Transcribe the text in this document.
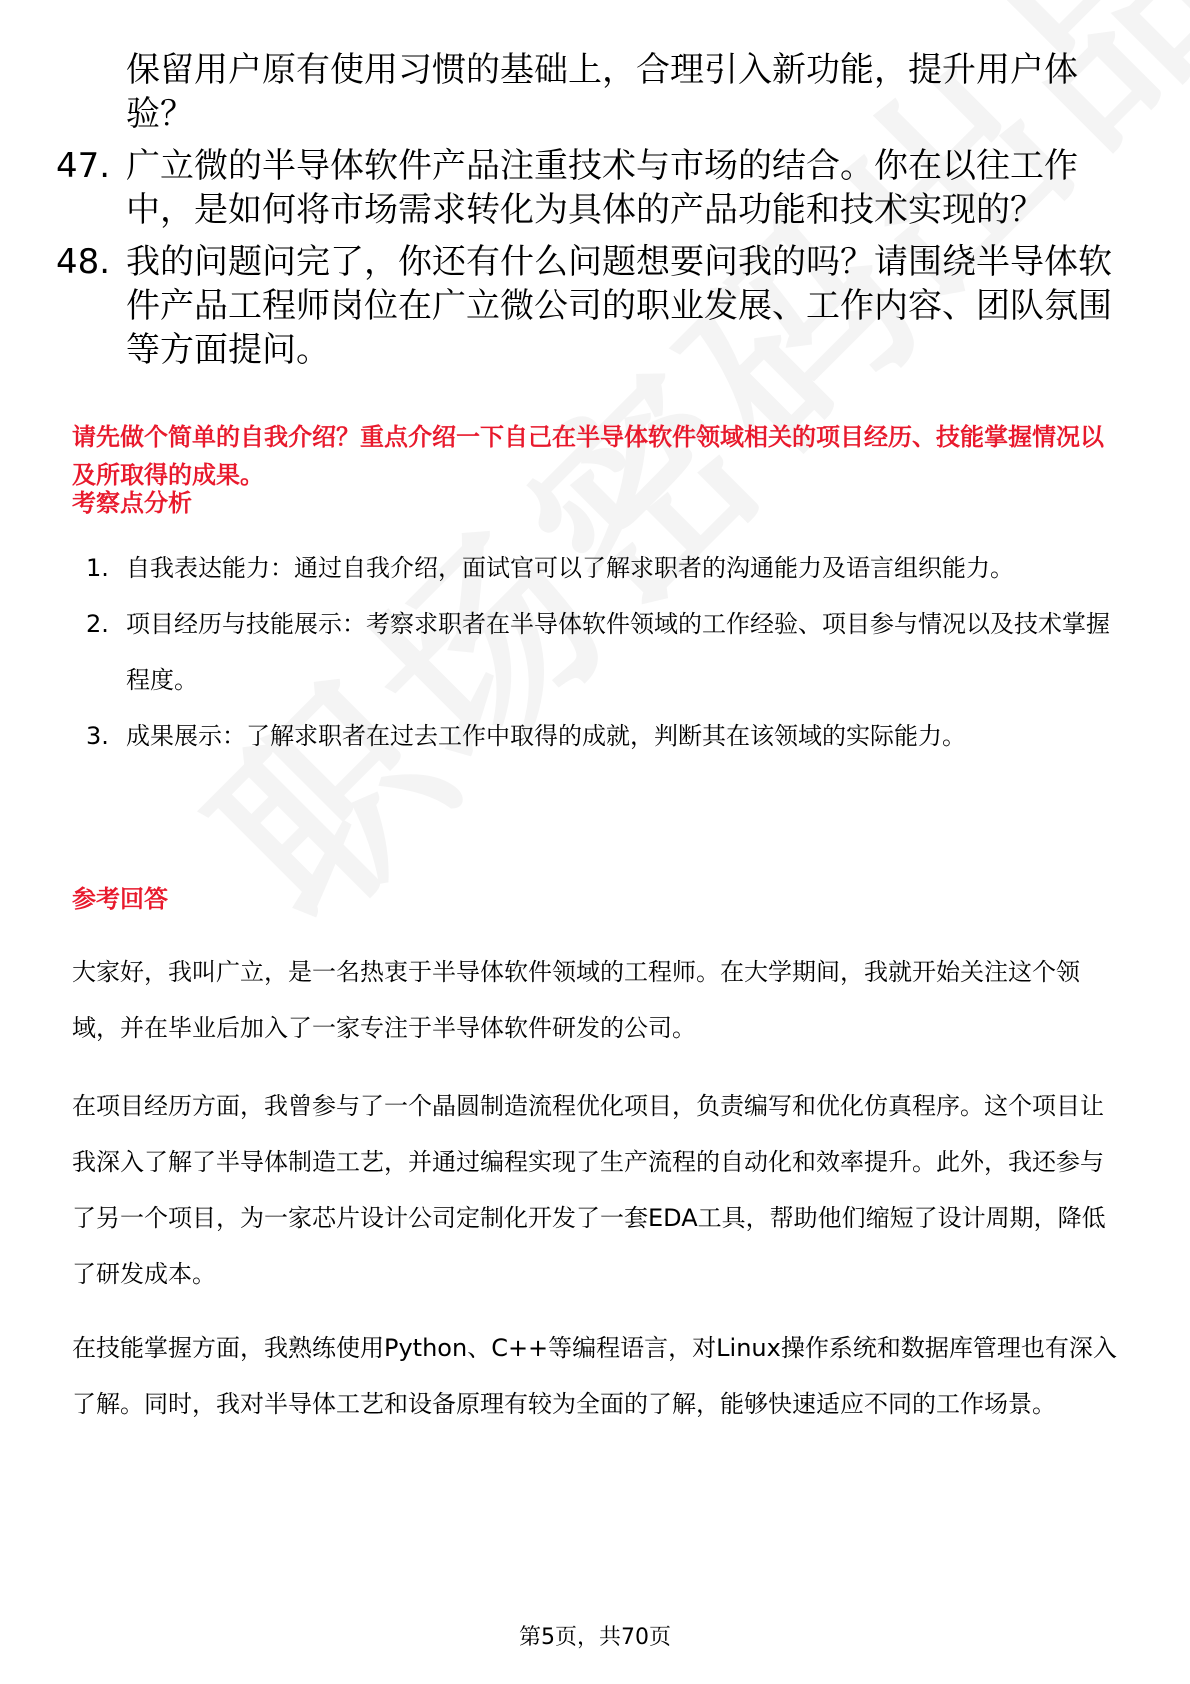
保留用户原有使用习惯的基础上，合理引入新功能，提升用户体验？
47. 广立微的半导体软件产品注重技术与市场的结合。你在以往工作中，是如何将市场需求转化为具体的产品功能和技术实现的？
48. 我的问题问完了，你还有什么问题想要问我的吗？请围绕半导体软件产品工程师岗位在广立微公司的职业发展、工作内容、团队氛围等方面提问。
请先做个简单的自我介绍？重点介绍一下自己在半导体软件领域相关的项目经历、技能掌握情况以及所取得的成果。
考察点分析
1. 自我表达能力：通过自我介绍，面试官可以了解求职者的沟通能力及语言组织能力。
2. 项目经历与技能展示：考察求职者在半导体软件领域的工作经验、项目参与情况以及技术掌握程度。
3. 成果展示：了解求职者在过去工作中取得的成就，判断其在该领域的实际能力。
参考回答
大家好，我叫广立，是一名热衷于半导体软件领域的工程师。在大学期间，我就开始关注这个领域，并在毕业后加入了一家专注于半导体软件研发的公司。
在项目经历方面，我曾参与了一个晶圆制造流程优化项目，负责编写和优化仿真程序。这个项目让我深入了解了半导体制造工艺，并通过编程实现了生产流程的自动化和效率提升。此外，我还参与了另一个项目，为一家芯片设计公司定制化开发了一套EDA工具，帮助他们缩短了设计周期，降低了研发成本。
在技能掌握方面，我熟练使用Python、C++等编程语言，对Linux操作系统和数据库管理也有深入了解。同时，我对半导体工艺和设备原理有较为全面的了解，能够快速适应不同的工作场景。
第5页，共70页
